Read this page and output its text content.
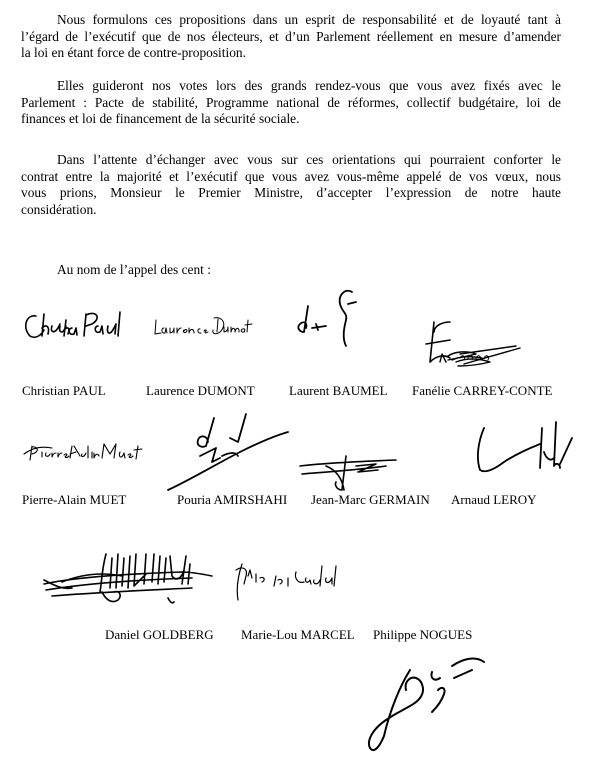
Nous formulons ces propositions dans un esprit de responsabilité et de loyauté tant à
l’égard de l’exécutif que de nos électeurs, et d’un Parlement réellement en mesure d’amender
la loi en étant force de contre-proposition.
Elles guideront nos votes lors des grands rendez-vous que vous avez fixés avec le
Parlement : Pacte de stabilité, Programme national de réformes, collectif budgétaire, loi de
finances et loi de financement de la sécurité sociale.
Dans l’attente d’échanger avec vous sur ces orientations qui pourraient conforter le
contrat entre la majorité et l’exécutif que vous avez vous-même appelé de vos vœux, nous
vous prions, Monsieur le Premier Ministre, d’accepter l’expression de notre haute
considération.
Au nom de l’appel des cent :
Christian PAUL	Laurence DUMONT	Laurent BAUMEL Fanélie CARREY-CONTE
Pierre-Alain MUET	Pouria AMIRSHAHI Jean-Marc GERMAIN Arnaud LEROY
Daniel GOLDBERG Marie-Lou MARCEL Philippe NOGUES
